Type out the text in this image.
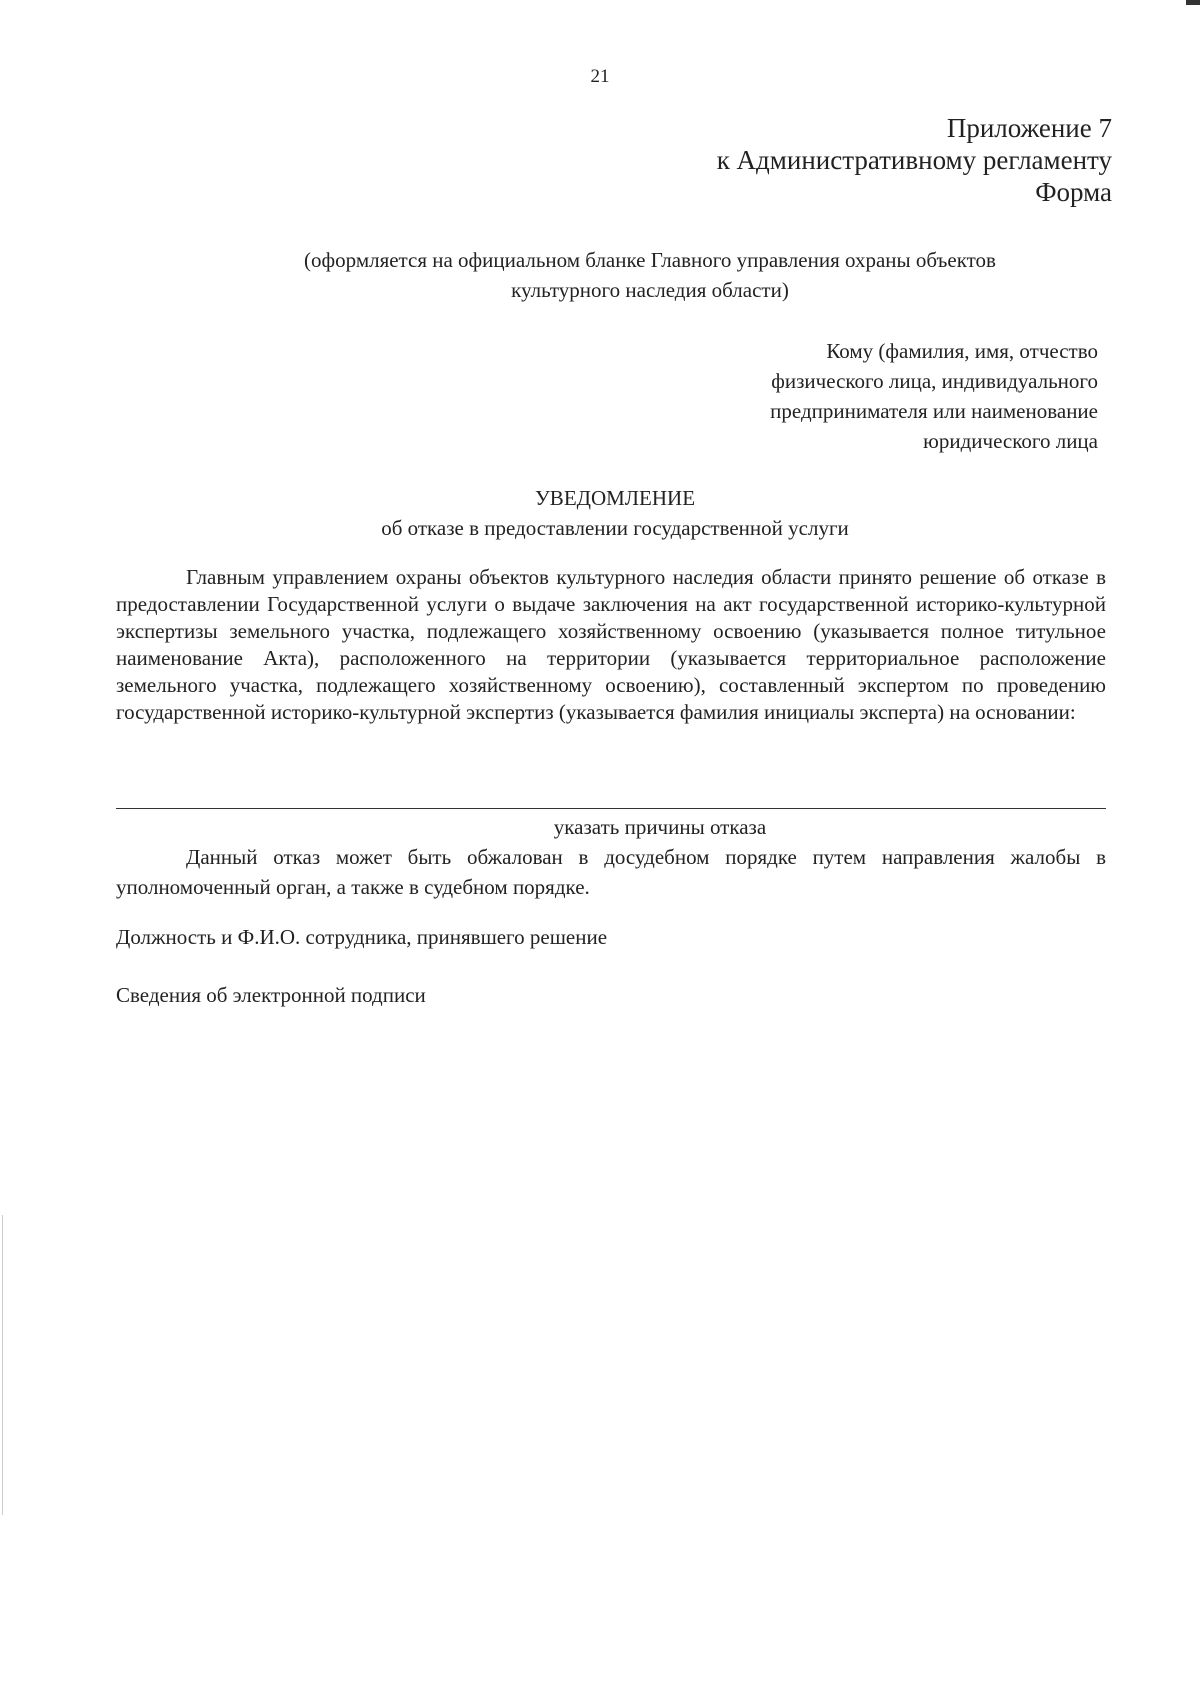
21
Приложение 7
к Административному регламенту
Форма
(оформляется на официальном бланке Главного управления охраны объектов
культурного наследия области)
Кому (фамилия, имя, отчество
физического лица, индивидуального
предпринимателя или наименование
юридического лица
УВЕДОМЛЕНИЕ
об отказе в предоставлении государственной услуги
Главным управлением охраны объектов культурного наследия области принято решение об отказе в предоставлении Государственной услуги о выдаче заключения на акт государственной историко-культурной экспертизы земельного участка, подлежащего хозяйственному освоению (указывается полное титульное наименование Акта), расположенного на территории (указывается территориальное расположение земельного участка, подлежащего хозяйственному освоению), составленный экспертом по проведению государственной историко-культурной экспертиз (указывается фамилия инициалы эксперта) на основании:
указать причины отказа
Данный отказ может быть обжалован в досудебном порядке путем направления жалобы в уполномоченный орган, а также в судебном порядке.
Должность и Ф.И.О. сотрудника, принявшего решение
Сведения об электронной подписи
